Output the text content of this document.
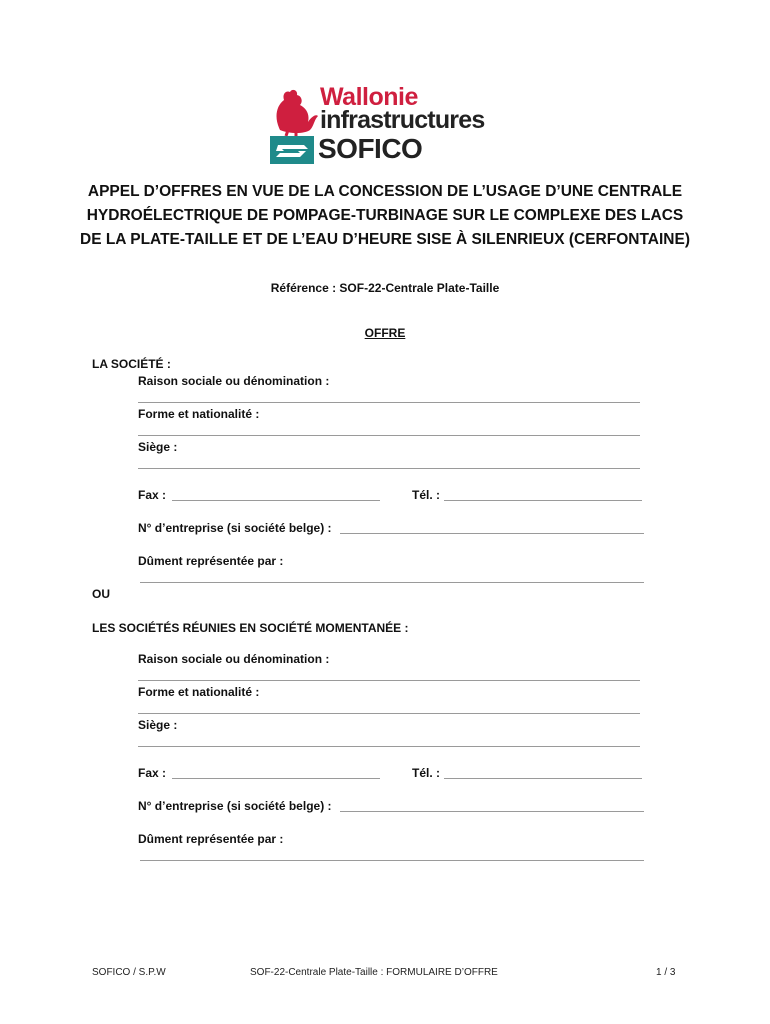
Wallonie
infrastructures
SOFICO
APPEL D’OFFRES EN VUE DE LA CONCESSION DE L’USAGE D’UNE CENTRALE
HYDROÉLECTRIQUE DE POMPAGE-TURBINAGE SUR LE COMPLEXE DES LACS
DE LA PLATE-TAILLE ET DE L’EAU D’HEURE SISE À SILENRIEUX (CERFONTAINE)
Référence : SOF-22-Centrale Plate-Taille
OFFRE
LA SOCIÉTÉ :
Raison sociale ou dénomination :
Forme et nationalité :
Siège :
Fax :	Tél. :
N° d’entreprise (si société belge) :
Dûment représentée par :
OU
LES SOCIÉTÉS RÉUNIES EN SOCIÉTÉ MOMENTANÉE :
Raison sociale ou dénomination :
Forme et nationalité :
Siège :
Fax :	Tél. :
N° d’entreprise (si société belge) :
Dûment représentée par :
SOFICO / S.P.W	SOF-22-Centrale Plate-Taille : FORMULAIRE D’OFFRE	1 / 3
